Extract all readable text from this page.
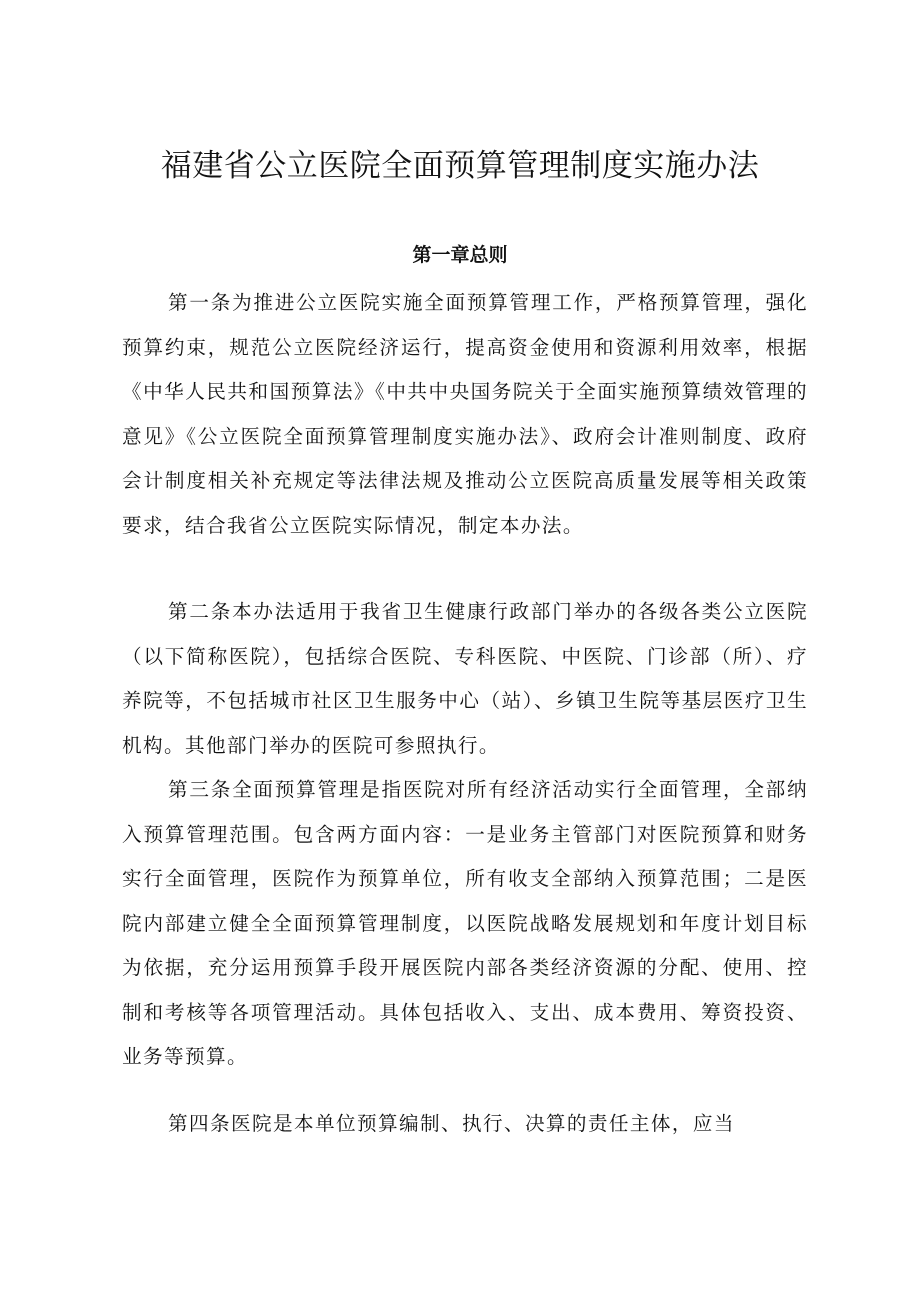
福建省公立医院全面预算管理制度实施办法
第一章总则

第一条为推进公立医院实施全面预算管理工作，严格预算管理，强化预算约束，规范公立医院经济运行，提高资金使用和资源利用效率，根据《中华人民共和国预算法》《中共中央国务院关于全面实施预算绩效管理的意见》《公立医院全面预算管理制度实施办法》、政府会计准则制度、政府会计制度相关补充规定等法律法规及推动公立医院高质量发展等相关政策要求，结合我省公立医院实际情况，制定本办法。

第二条本办法适用于我省卫生健康行政部门举办的各级各类公立医院（以下简称医院），包括综合医院、专科医院、中医院、门诊部（所）、疗养院等，不包括城市社区卫生服务中心（站）、乡镇卫生院等基层医疗卫生机构。其他部门举办的医院可参照执行。

第三条全面预算管理是指医院对所有经济活动实行全面管理，全部纳入预算管理范围。包含两方面内容：一是业务主管部门对医院预算和财务实行全面管理，医院作为预算单位，所有收支全部纳入预算范围；二是医院内部建立健全全面预算管理制度，以医院战略发展规划和年度计划目标为依据，充分运用预算手段开展医院内部各类经济资源的分配、使用、控制和考核等各项管理活动。具体包括收入、支出、成本费用、筹资投资、业务等预算。

第四条医院是本单位预算编制、执行、决算的责任主体，应当
